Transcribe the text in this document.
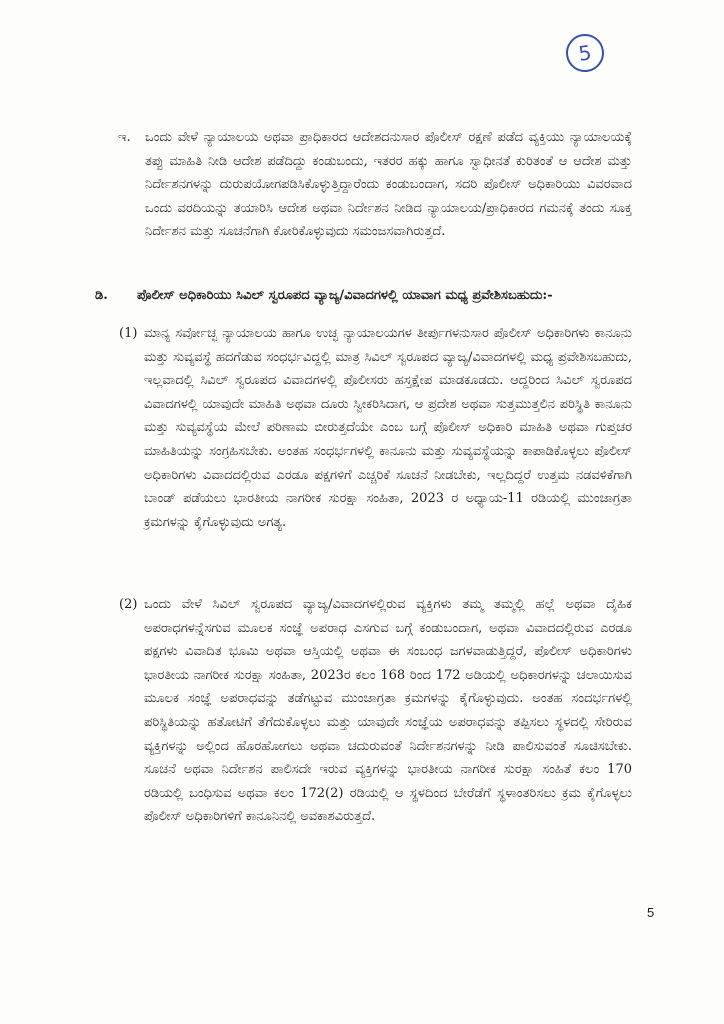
5
ಇ. ಒಂದು ವೇಳೆ ನ್ಯಾಯಾಲಯ ಅಥವಾ ಪ್ರಾಧಿಕಾರದ ಆದೇಶದನುಸಾರ ಪೊಲೀಸ್ ರಕ್ಷಣೆ ಪಡೆದ ವ್ಯಕ್ತಿಯು ನ್ಯಾಯಾಲಯಕ್ಕೆ ತಪ್ಪು ಮಾಹಿತಿ ನೀಡಿ ಆದೇಶ ಪಡೆದಿದ್ದು ಕಂಡುಬಂದು, ಇತರರ ಹಕ್ಕು ಹಾಗೂ ಸ್ವಾಧೀನತೆ ಕುರಿತಂತೆ ಆ ಆದೇಶ ಮತ್ತು ನಿರ್ದೇಶನಗಳನ್ನು ದುರುಪಯೋಗಪಡಿಸಿಕೊಳ್ಳುತ್ತಿದ್ದಾರೆಂದು ಕಂಡುಬಂದಾಗ, ಸದರಿ ಪೊಲೀಸ್ ಅಧಿಕಾರಿಯು ವಿವರವಾದ ಒಂದು ವರದಿಯನ್ನು ತಯಾರಿಸಿ ಆದೇಶ ಅಥವಾ ನಿರ್ದೇಶನ ನೀಡಿದ ನ್ಯಾಯಾಲಯ/ಪ್ರಾಧಿಕಾರದ ಗಮನಕ್ಕೆ ತಂದು ಸೂಕ್ತ ನಿರ್ದೇಶನ ಮತ್ತು ಸೂಚನೆಗಾಗಿ ಕೋರಿಕೊಳ್ಳುವುದು ಸಮಂಜಸವಾಗಿರುತ್ತದೆ.
ಡಿ. ಪೊಲೀಸ್ ಅಧಿಕಾರಿಯು ಸಿವಿಲ್ ಸ್ವರೂಪದ ವ್ಯಾಜ್ಯ/ವಿವಾದಗಳಲ್ಲಿ ಯಾವಾಗ ಮಧ್ಯ ಪ್ರವೇಶಿಸಬಹುದು:-
(1) ಮಾನ್ಯ ಸರ್ವೋಚ್ಛ ನ್ಯಾಯಾಲಯ ಹಾಗೂ ಉಚ್ಛ ನ್ಯಾಯಾಲಯಗಳ ತೀರ್ಪುಗಳನುಸಾರ ಪೊಲೀಸ್ ಅಧಿಕಾರಿಗಳು ಕಾನೂನು ಮತ್ತು ಸುವ್ಯವಸ್ಥೆ ಹದಗೆಡುವ ಸಂಧರ್ಭವಿದ್ದಲ್ಲಿ ಮಾತ್ರ ಸಿವಿಲ್ ಸ್ವರೂಪದ ವ್ಯಾಜ್ಯ/ವಿವಾದಗಳಲ್ಲಿ ಮಧ್ಯ ಪ್ರವೇಶಿಸಬಹುದು, ಇಲ್ಲವಾದಲ್ಲಿ ಸಿವಿಲ್ ಸ್ವರೂಪದ ವಿವಾದಗಳಲ್ಲಿ ಪೊಲೀಸರು ಹಸ್ತಕ್ಷೇಪ ಮಾಡಕೂಡದು. ಆದ್ದರಿಂದ ಸಿವಿಲ್ ಸ್ವರೂಪದ ವಿವಾದಗಳಲ್ಲಿ ಯಾವುದೇ ಮಾಹಿತಿ ಅಥವಾ ದೂರು ಸ್ವೀಕರಿಸಿದಾಗ, ಆ ಪ್ರದೇಶ ಅಥವಾ ಸುತ್ತಮುತ್ತಲಿನ ಪರಿಸ್ಥಿತಿ ಕಾನೂನು ಮತ್ತು ಸುವ್ಯವಸ್ಥೆಯ ಮೇಲೆ ಪರಿಣಾಮ ಬೀರುತ್ತದೆಯೇ ಎಂಬ ಬಗ್ಗೆ ಪೊಲೀಸ್ ಅಧಿಕಾರಿ ಮಾಹಿತಿ ಅಥವಾ ಗುಪ್ತಚರ ಮಾಹಿತಿಯನ್ನು ಸಂಗ್ರಹಿಸಬೇಕು. ಅಂತಹ ಸಂಧರ್ಭಗಳಲ್ಲಿ ಕಾನೂನು ಮತ್ತು ಸುವ್ಯವಸ್ಥೆಯನ್ನು ಕಾಪಾಡಿಕೊಳ್ಳಲು ಪೊಲೀಸ್ ಅಧಿಕಾರಿಗಳು ವಿವಾದದಲ್ಲಿರುವ ಎರಡೂ ಪಕ್ಷಗಳಿಗೆ ಎಚ್ಚರಿಕೆ ಸೂಚನೆ ನೀಡಬೇಕು, ಇಲ್ಲದಿದ್ದರೆ ಉತ್ತಮ ನಡವಳಿಕೆಗಾಗಿ ಬಾಂಡ್ ಪಡೆಯಲು ಭಾರತೀಯ ನಾಗರೀಕ ಸುರಕ್ಷಾ ಸಂಹಿತಾ, 2023 ರ ಅಧ್ಯಾಯ-11 ರಡಿಯಲ್ಲಿ ಮುಂಜಾಗ್ರತಾ ಕ್ರಮಗಳನ್ನು ಕೈಗೊಳ್ಳುವುದು ಅಗತ್ಯ.
(2) ಒಂದು ವೇಳೆ ಸಿವಿಲ್ ಸ್ವರೂಪದ ವ್ಯಾಜ್ಯ/ವಿವಾದಗಳಲ್ಲಿರುವ ವ್ಯಕ್ತಿಗಳು ತಮ್ಮ ತಮ್ಮಲ್ಲಿ ಹಲ್ಲೆ ಅಥವಾ ದೈಹಿಕ ಅಪರಾಧಗಳನ್ನೆಸಗುವ ಮೂಲಕ ಸಂಜ್ಞೆ ಅಪರಾಧ ಎಸಗುವ ಬಗ್ಗೆ ಕಂಡುಬಂದಾಗ, ಅಥವಾ ವಿವಾದದಲ್ಲಿರುವ ಎರಡೂ ಪಕ್ಷಗಳು ವಿವಾದಿತ ಭೂಮಿ ಅಥವಾ ಆಸ್ತಿಯಲ್ಲಿ ಅಥವಾ ಈ ಸಂಬಂಧ ಜಗಳವಾಡುತ್ತಿದ್ದರೆ, ಪೊಲೀಸ್ ಅಧಿಕಾರಿಗಳು ಭಾರತೀಯ ನಾಗರೀಕ ಸುರಕ್ಷಾ ಸಂಹಿತಾ, 2023ರ ಕಲಂ 168 ರಿಂದ 172 ಅಡಿಯಲ್ಲಿ ಅಧಿಕಾರಗಳನ್ನು ಚಲಾಯಿಸುವ ಮೂಲಕ ಸಂಜ್ಞೆ ಅಪರಾಧವನ್ನು ತಡೆಗಟ್ಟುವ ಮುಂಜಾಗ್ರತಾ ಕ್ರಮಗಳನ್ನು ಕೈಗೊಳ್ಳುವುದು. ಅಂತಹ ಸಂದರ್ಭಗಳಲ್ಲಿ ಪರಿಸ್ಥಿತಿಯನ್ನು ಹತೋಟಿಗೆ ತೆಗೆದುಕೊಳ್ಳಲು ಮತ್ತು ಯಾವುದೇ ಸಂಜ್ಞೆಯ ಅಪರಾಧವನ್ನು ತಪ್ಪಿಸಲು ಸ್ಥಳದಲ್ಲಿ ಸೇರಿರುವ ವ್ಯಕ್ತಿಗಳನ್ನು ಅಲ್ಲಿಂದ ಹೊರಹೋಗಲು ಅಥವಾ ಚದುರುವಂತೆ ನಿರ್ದೇಶನಗಳನ್ನು ನೀಡಿ ಪಾಲಿಸುವಂತೆ ಸೂಚಿಸಬೇಕು. ಸೂಚನೆ ಅಥವಾ ನಿರ್ದೇಶನ ಪಾಲಿಸದೇ ಇರುವ ವ್ಯಕ್ತಿಗಳನ್ನು ಭಾರತೀಯ ನಾಗರೀಕ ಸುರಕ್ಷಾ ಸಂಹಿತೆ ಕಲಂ 170 ರಡಿಯಲ್ಲಿ ಬಂಧಿಸುವ ಅಥವಾ ಕಲಂ 172(2) ರಡಿಯಲ್ಲಿ ಆ ಸ್ಥಳದಿಂದ ಬೇರೆಡೆಗೆ ಸ್ಥಳಾಂತರಿಸಲು ಕ್ರಮ ಕೈಗೊಳ್ಳಲು ಪೊಲೀಸ್ ಅಧಿಕಾರಿಗಳಿಗೆ ಕಾನೂನಿನಲ್ಲಿ ಅವಕಾಶವಿರುತ್ತದೆ.
5
